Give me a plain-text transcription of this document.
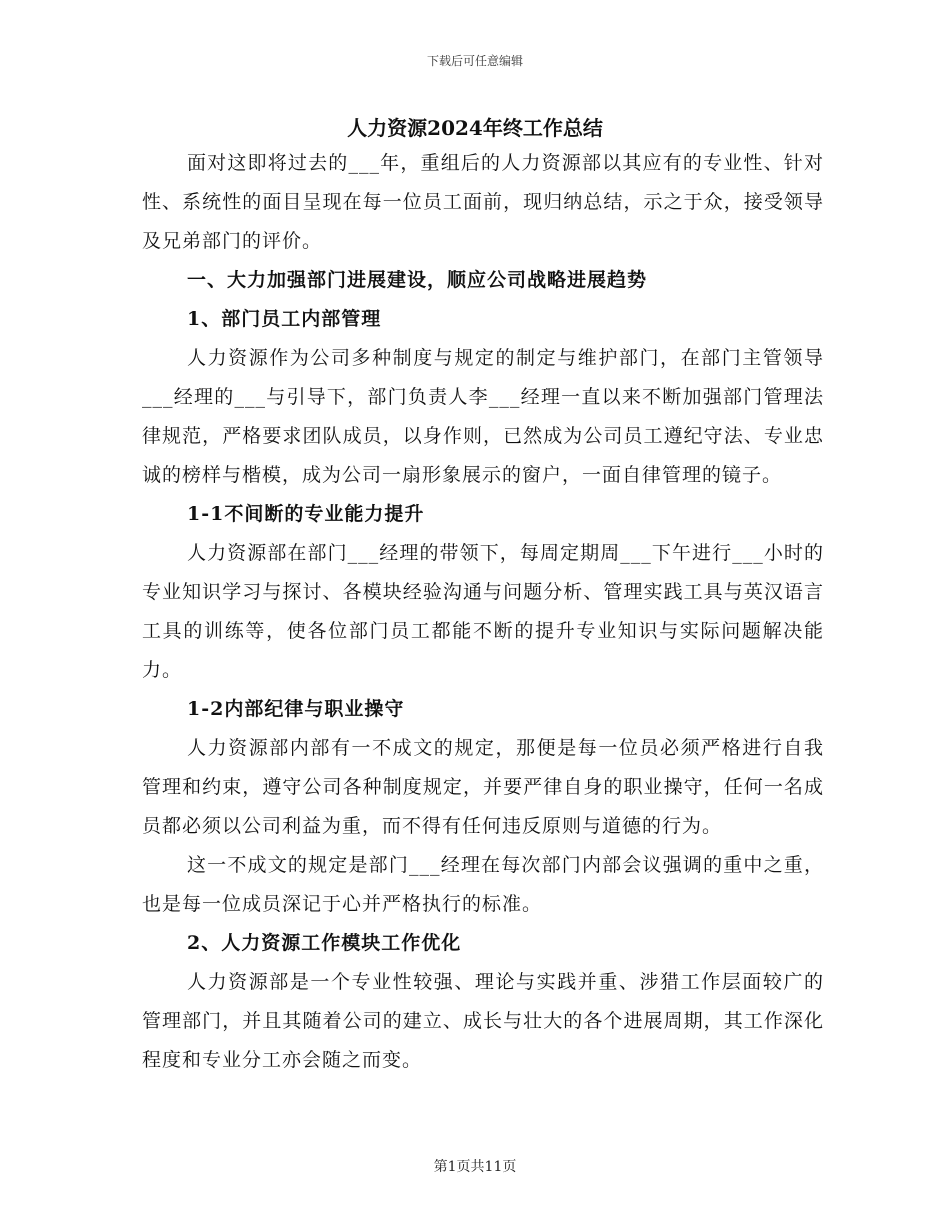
下载后可任意编辑
人力资源2024年终工作总结

面对这即将过去的___年，重组后的人力资源部以其应有的专业性、针对性、系统性的面目呈现在每一位员工面前，现归纳总结，示之于众，接受领导及兄弟部门的评价。

一、大力加强部门进展建设，顺应公司战略进展趋势

1、部门员工内部管理

人力资源作为公司多种制度与规定的制定与维护部门，在部门主管领导___经理的___与引导下，部门负责人李___经理一直以来不断加强部门管理法律规范，严格要求团队成员，以身作则，已然成为公司员工遵纪守法、专业忠诚的榜样与楷模，成为公司一扇形象展示的窗户，一面自律管理的镜子。

1-1不间断的专业能力提升

人力资源部在部门___经理的带领下，每周定期周___下午进行___小时的专业知识学习与探讨、各模块经验沟通与问题分析、管理实践工具与英汉语言工具的训练等，使各位部门员工都能不断的提升专业知识与实际问题解决能力。

1-2内部纪律与职业操守

人力资源部内部有一不成文的规定，那便是每一位员必须严格进行自我管理和约束，遵守公司各种制度规定，并要严律自身的职业操守，任何一名成员都必须以公司利益为重，而不得有任何违反原则与道德的行为。

这一不成文的规定是部门___经理在每次部门内部会议强调的重中之重，也是每一位成员深记于心并严格执行的标准。

2、人力资源工作模块工作优化

人力资源部是一个专业性较强、理论与实践并重、涉猎工作层面较广的管理部门，并且其随着公司的建立、成长与壮大的各个进展周期，其工作深化程度和专业分工亦会随之而变。

第1页共11页
